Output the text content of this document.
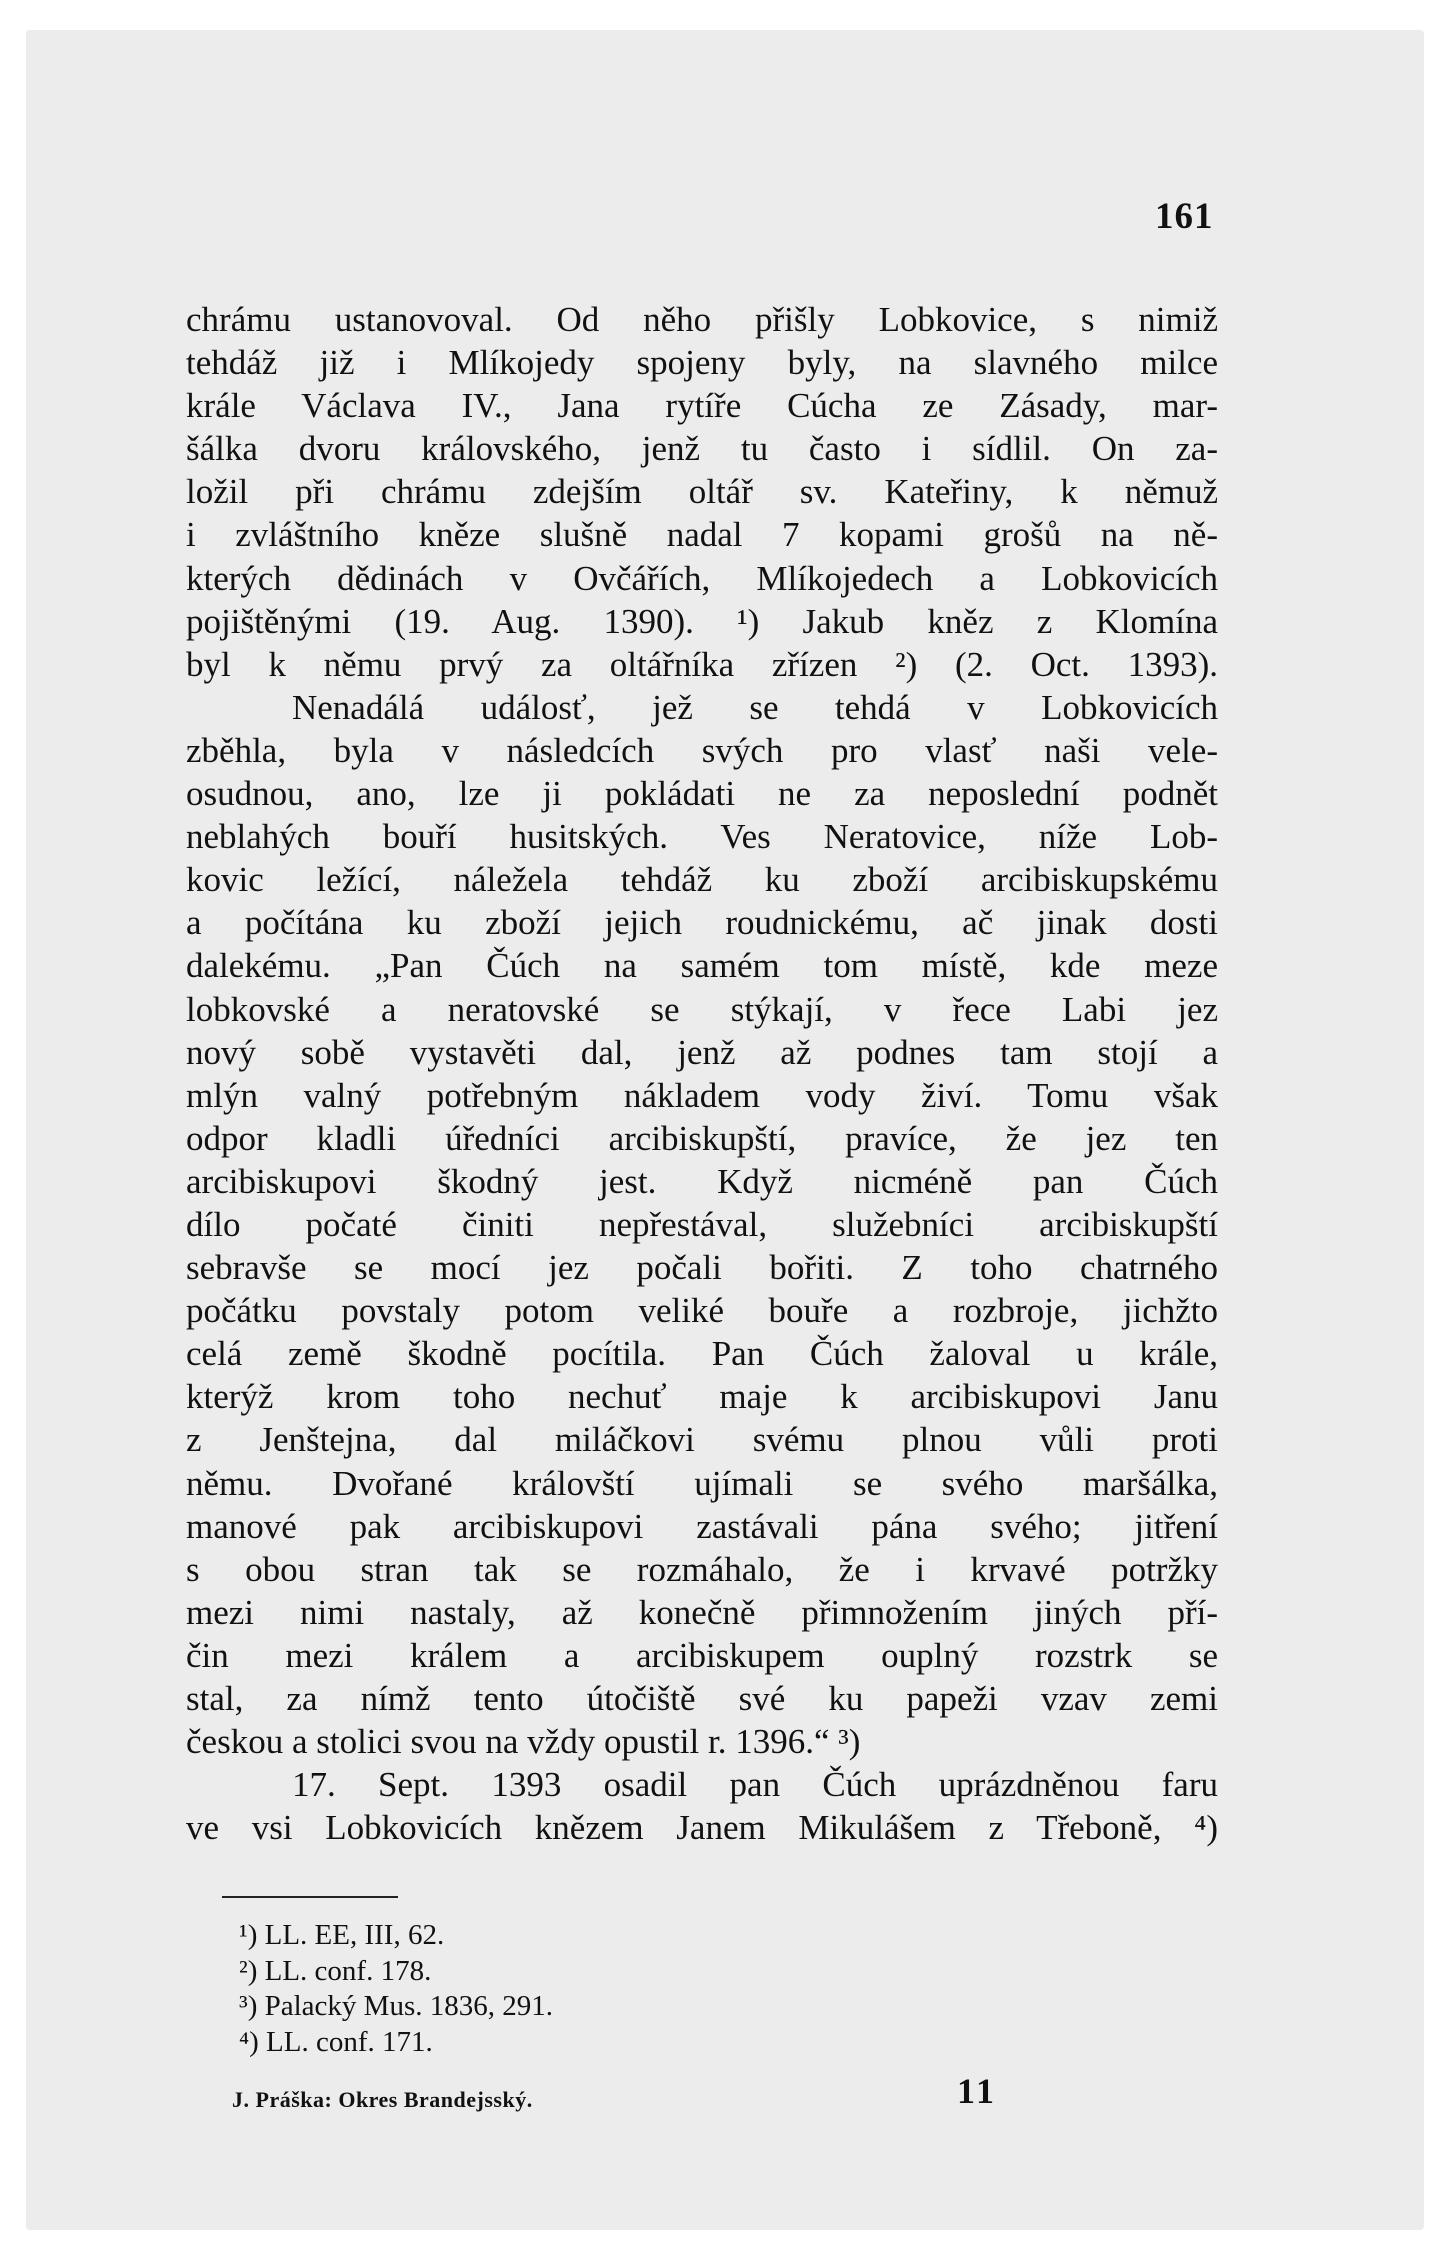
161
chrámu ustanovoval. Od něho přišly Lobkovice, s nimiž
tehdáž již i Mlíkojedy spojeny byly, na slavného milce
krále Václava IV., Jana rytíře Cúcha ze Zásady, mar-
šálka dvoru královského, jenž tu často i sídlil. On za-
ložil při chrámu zdejším oltář sv. Kateřiny, k němuž
i zvláštního kněze slušně nadal 7 kopami grošů na ně-
kterých dědinách v Ovčářích, Mlíkojedech a Lobkovicích
pojištěnými (19. Aug. 1390). ¹) Jakub kněz z Klomína
byl k němu prvý za oltářníka zřízen ²) (2. Oct. 1393).
Nenadálá událosť, jež se tehdá v Lobkovicích
zběhla, byla v následcích svých pro vlasť naši vele-
osudnou, ano, lze ji pokládati ne za neposlední podnět
neblahých bouří husitských. Ves Neratovice, níže Lob-
kovic ležící, náležela tehdáž ku zboží arcibiskupskému
a počítána ku zboží jejich roudnickému, ač jinak dosti
dalekému. „Pan Čúch na samém tom místě, kde meze
lobkovské a neratovské se stýkají, v řece Labi jez
nový sobě vystavěti dal, jenž až podnes tam stojí a
mlýn valný potřebným nákladem vody živí. Tomu však
odpor kladli úředníci arcibiskupští, pravíce, že jez ten
arcibiskupovi škodný jest. Když nicméně pan Čúch
dílo počaté činiti nepřestával, služebníci arcibiskupští
sebravše se mocí jez počali bořiti. Z toho chatrného
počátku povstaly potom veliké bouře a rozbroje, jichžto
celá země škodně pocítila. Pan Čúch žaloval u krále,
kterýž krom toho nechuť maje k arcibiskupovi Janu
z Jenštejna, dal miláčkovi svému plnou vůli proti
němu. Dvořané královští ujímali se svého maršálka,
manové pak arcibiskupovi zastávali pána svého; jitření
s obou stran tak se rozmáhalo, že i krvavé potržky
mezi nimi nastaly, až konečně přimnožením jiných pří-
čin mezi králem a arcibiskupem ouplný rozstrk se
stal, za nímž tento útočiště své ku papeži vzav zemi
českou a stolici svou na vždy opustil r. 1396.“ ³)
17. Sept. 1393 osadil pan Čúch uprázdněnou faru
ve vsi Lobkovicích knězem Janem Mikulášem z Třeboně, ⁴)
¹) LL. EE, III, 62.
²) LL. conf. 178.
³) Palacký Mus. 1836, 291.
⁴) LL. conf. 171.
J. Práška: Okres Brandejsský.	11
